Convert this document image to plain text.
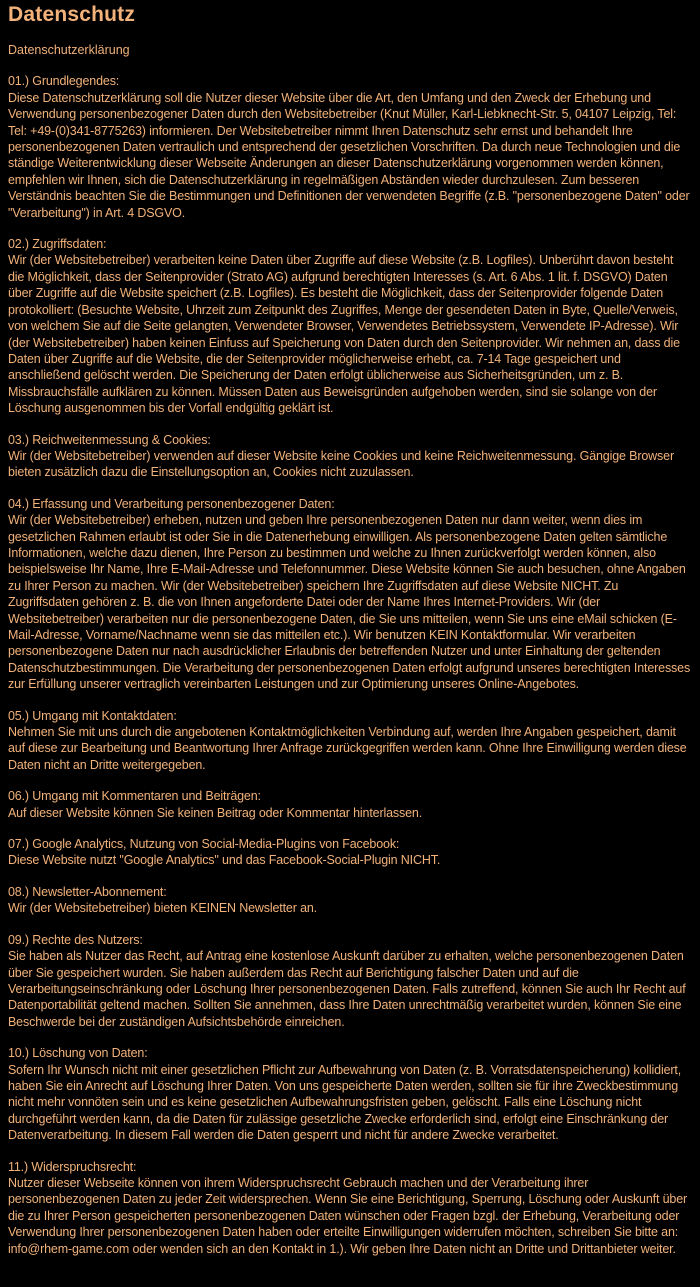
Datenschutz
Datenschutzerklärung
01.) Grundlegendes:
Diese Datenschutzerklärung soll die Nutzer dieser Website über die Art, den Umfang und den Zweck der Erhebung und Verwendung personenbezogener Daten durch den Websitebetreiber (Knut Müller, Karl-Liebknecht-Str. 5, 04107 Leipzig, Tel: Tel: +49-(0)341-8775263) informieren. Der Websitebetreiber nimmt Ihren Datenschutz sehr ernst und behandelt Ihre personenbezogenen Daten vertraulich und entsprechend der gesetzlichen Vorschriften. Da durch neue Technologien und die ständige Weiterentwicklung dieser Webseite Änderungen an dieser Datenschutzerklärung vorgenommen werden können, empfehlen wir Ihnen, sich die Datenschutzerklärung in regelmäßigen Abständen wieder durchzulesen. Zum besseren Verständnis beachten Sie die Bestimmungen und Definitionen der verwendeten Begriffe (z.B. "personenbezogene Daten" oder "Verarbeitung") in Art. 4 DSGVO.
02.) Zugriffsdaten:
Wir (der Websitebetreiber) verarbeiten keine Daten über Zugriffe auf diese Website (z.B. Logfiles). Unberührt davon besteht die Möglichkeit, dass der Seitenprovider (Strato AG) aufgrund berechtigten Interesses (s. Art. 6 Abs. 1 lit. f. DSGVO) Daten über Zugriffe auf die Website speichert (z.B. Logfiles). Es besteht die Möglichkeit, dass der Seitenprovider folgende Daten protokolliert: (Besuchte Website, Uhrzeit zum Zeitpunkt des Zugriffes, Menge der gesendeten Daten in Byte, Quelle/Verweis, von welchem Sie auf die Seite gelangten, Verwendeter Browser, Verwendetes Betriebssystem, Verwendete IP-Adresse). Wir (der Websitebetreiber) haben keinen Einfuss auf Speicherung von Daten durch den Seitenprovider. Wir nehmen an, dass die Daten über Zugriffe auf die Website, die der Seitenprovider möglicherweise erhebt, ca. 7-14 Tage gespeichert und anschließend gelöscht werden. Die Speicherung der Daten erfolgt üblicherweise aus Sicherheitsgründen, um z. B. Missbrauchsfälle aufklären zu können. Müssen Daten aus Beweisgründen aufgehoben werden, sind sie solange von der Löschung ausgenommen bis der Vorfall endgültig geklärt ist.
03.) Reichweitenmessung & Cookies:
Wir (der Websitebetreiber) verwenden auf dieser Website keine Cookies und keine Reichweitenmessung. Gängige Browser bieten zusätzlich dazu die Einstellungsoption an, Cookies nicht zuzulassen.
04.) Erfassung und Verarbeitung personenbezogener Daten:
Wir (der Websitebetreiber) erheben, nutzen und geben Ihre personenbezogenen Daten nur dann weiter, wenn dies im gesetzlichen Rahmen erlaubt ist oder Sie in die Datenerhebung einwilligen. Als personenbezogene Daten gelten sämtliche Informationen, welche dazu dienen, Ihre Person zu bestimmen und welche zu Ihnen zurückverfolgt werden können, also beispielsweise Ihr Name, Ihre E-Mail-Adresse und Telefonnummer. Diese Website können Sie auch besuchen, ohne Angaben zu Ihrer Person zu machen. Wir (der Websitebetreiber) speichern Ihre Zugriffsdaten auf diese Website NICHT. Zu Zugriffsdaten gehören z. B. die von Ihnen angeforderte Datei oder der Name Ihres Internet-Providers. Wir (der Websitebetreiber) verarbeiten nur die personenbezogene Daten, die Sie uns mitteilen, wenn Sie uns eine eMail schicken (E-Mail-Adresse, Vorname/Nachname wenn sie das mitteilen etc.). Wir benutzen KEIN Kontaktformular. Wir verarbeiten personenbezogene Daten nur nach ausdrücklicher Erlaubnis der betreffenden Nutzer und unter Einhaltung der geltenden Datenschutzbestimmungen. Die Verarbeitung der personenbezogenen Daten erfolgt aufgrund unseres berechtigten Interesses zur Erfüllung unserer vertraglich vereinbarten Leistungen und zur Optimierung unseres Online-Angebotes.
05.) Umgang mit Kontaktdaten:
Nehmen Sie mit uns durch die angebotenen Kontaktmöglichkeiten Verbindung auf, werden Ihre Angaben gespeichert, damit auf diese zur Bearbeitung und Beantwortung Ihrer Anfrage zurückgegriffen werden kann. Ohne Ihre Einwilligung werden diese Daten nicht an Dritte weitergegeben.
06.) Umgang mit Kommentaren und Beiträgen:
Auf dieser Website können Sie keinen Beitrag oder Kommentar hinterlassen.
07.) Google Analytics, Nutzung von Social-Media-Plugins von Facebook:
Diese Website nutzt "Google Analytics" und das Facebook-Social-Plugin NICHT.
08.) Newsletter-Abonnement:
Wir (der Websitebetreiber) bieten KEINEN Newsletter an.
09.) Rechte des Nutzers:
Sie haben als Nutzer das Recht, auf Antrag eine kostenlose Auskunft darüber zu erhalten, welche personenbezogenen Daten über Sie gespeichert wurden. Sie haben außerdem das Recht auf Berichtigung falscher Daten und auf die Verarbeitungseinschränkung oder Löschung Ihrer personenbezogenen Daten. Falls zutreffend, können Sie auch Ihr Recht auf Datenportabilität geltend machen. Sollten Sie annehmen, dass Ihre Daten unrechtmäßig verarbeitet wurden, können Sie eine Beschwerde bei der zuständigen Aufsichtsbehörde einreichen.
10.) Löschung von Daten:
Sofern Ihr Wunsch nicht mit einer gesetzlichen Pflicht zur Aufbewahrung von Daten (z. B. Vorratsdatenspeicherung) kollidiert, haben Sie ein Anrecht auf Löschung Ihrer Daten. Von uns gespeicherte Daten werden, sollten sie für ihre Zweckbestimmung nicht mehr vonnöten sein und es keine gesetzlichen Aufbewahrungsfristen geben, gelöscht. Falls eine Löschung nicht durchgeführt werden kann, da die Daten für zulässige gesetzliche Zwecke erforderlich sind, erfolgt eine Einschränkung der Datenverarbeitung. In diesem Fall werden die Daten gesperrt und nicht für andere Zwecke verarbeitet.
11.) Widerspruchsrecht:
Nutzer dieser Webseite können von ihrem Widerspruchsrecht Gebrauch machen und der Verarbeitung ihrer personenbezogenen Daten zu jeder Zeit widersprechen. Wenn Sie eine Berichtigung, Sperrung, Löschung oder Auskunft über die zu Ihrer Person gespeicherten personenbezogenen Daten wünschen oder Fragen bzgl. der Erhebung, Verarbeitung oder Verwendung Ihrer personenbezogenen Daten haben oder erteilte Einwilligungen widerrufen möchten, schreiben Sie bitte an: info@rhem-game.com oder wenden sich an den Kontakt in 1.). Wir geben Ihre Daten nicht an Dritte und Drittanbieter weiter.
